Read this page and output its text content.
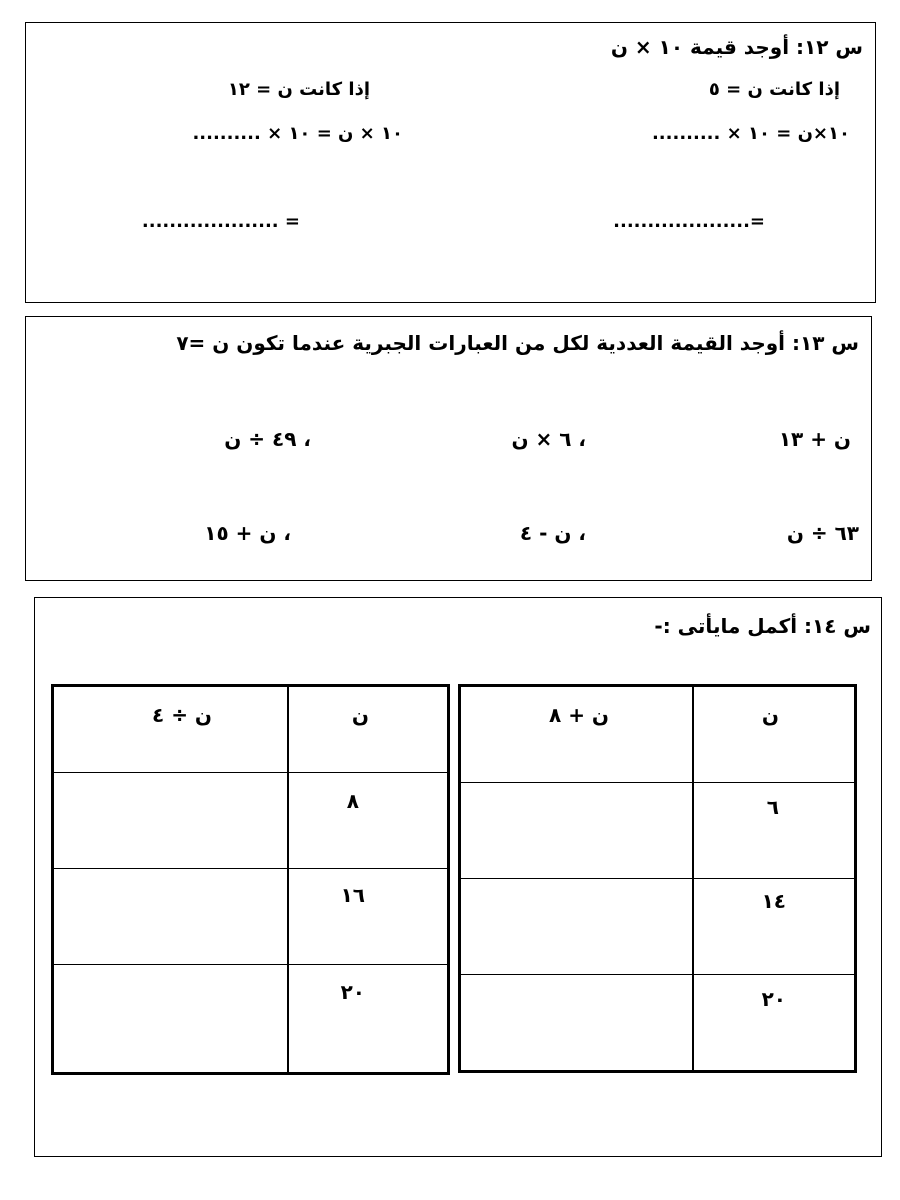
س ١٢: أوجد قيمة ١٠ × ن
إذا كانت ن = ٥
إذا كانت ن = ١٢
١٠×ن = ١٠ × ..........
١٠ × ن = ١٠ × ..........
=....................
= ....................
س ١٣: أوجد القيمة العددية لكل من العبارات الجبرية عندما تكون ن =٧
ن + ١٣
، ٦ × ن
، ٤٩ ÷ ن
٦٣ ÷ ن
، ن - ٤
، ن + ١٥
س ١٤: أكمل مايأتى :-
ن
ن + ٨
٦
١٤
٢٠
ن
ن ÷ ٤
٨
١٦
٢٠
